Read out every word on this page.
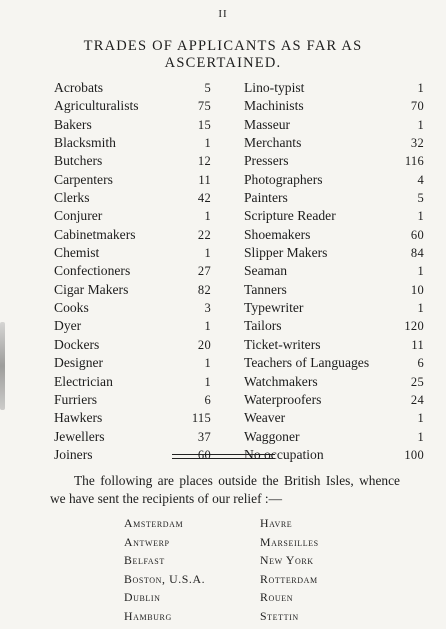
II
TRADES OF APPLICANTS AS FAR AS ASCERTAINED.
Acrobats	5
Agriculturalists	75
Bakers	15
Blacksmith	1
Butchers	12
Carpenters	11
Clerks	42
Conjurer	1
Cabinetmakers	22
Chemist	1
Confectioners	27
Cigar Makers	82
Cooks	3
Dyer	1
Dockers	20
Designer	1
Electrician	1
Furriers	6
Hawkers	115
Jewellers	37
Joiners	60
Lino-typist	1
Machinists	70
Masseur	1
Merchants	32
Pressers	116
Photographers	4
Painters	5
Scripture Reader	1
Shoemakers	60
Slipper Makers	84
Seaman	1
Tanners	10
Typewriter	1
Tailors	120
Ticket-writers	11
Teachers of Languages	6
Watchmakers	25
Waterproofers	24
Weaver	1
Waggoner	1
No occupation	100
The following are places outside the British Isles, whence we have sent the recipients of our relief :—
Amsterdam
Antwerp
Belfast
Boston, U.S.A.
Dublin
Hamburg
Havre
Marseilles
New York
Rotterdam
Rouen
Stettin
